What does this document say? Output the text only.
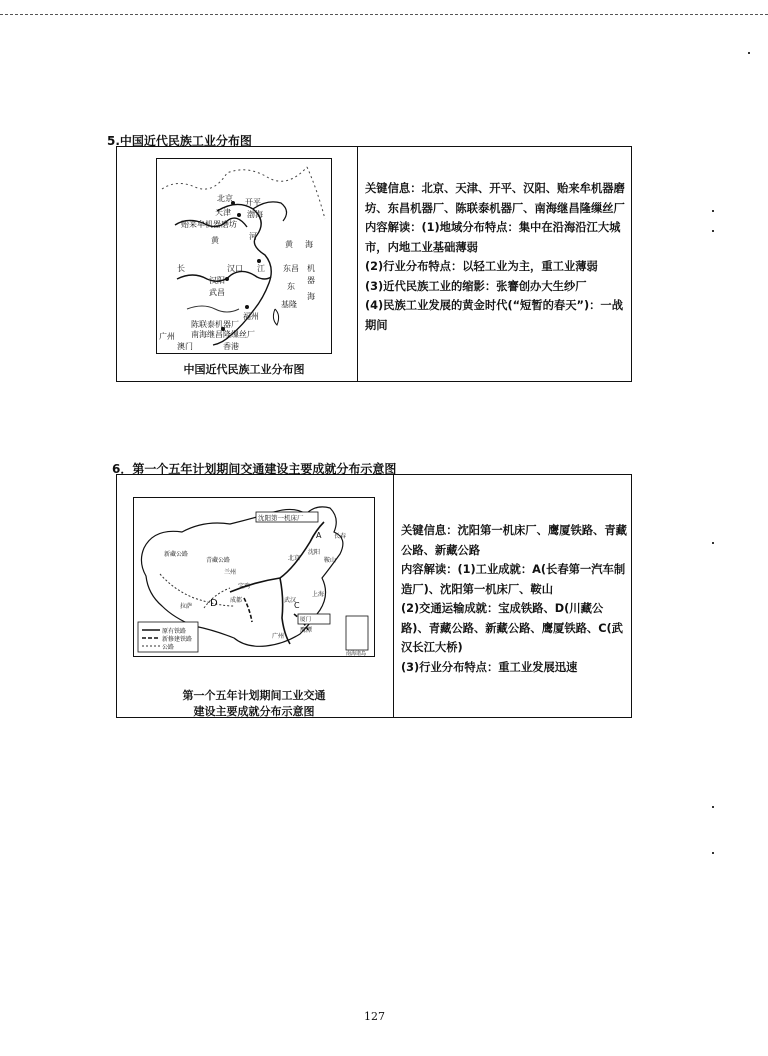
5.中国近代民族工业分布图
北京 开平
天津 渤海
贻来牟机器磨坊
黄	河
黄 海
汉口 江 东昌 机
器
长
汉阳
武昌
东
海
福州
基隆
陈联泰机器厂
南海继昌隆缫丝厂
澳门	香港
广州
中国近代民族工业分布图

关键信息：北京、天津、开平、汉阳、贻来牟机器磨坊、东昌机器厂、陈联泰机器厂、南海继昌隆缫丝厂

内容解读：(1)地域分布特点：集中在沿海沿江大城市，内地工业基础薄弱

(2)行业分布特点：以轻工业为主，重工业薄弱

(3)近代民族工业的缩影：张謇创办大生纱厂

(4)民族工业发展的黄金时代(“短暂的春天”)：一战期间

6．第一个五年计划期间交通建设主要成就分布示意图
原有铁路
新修建铁路
公路
沈阳第一机床厂
A 长春
北京
沈阳
鞍山
C
D
拉萨
宝鸡
成都	武汉
上海
广州
厦门
鹰潭
兰州
新藏公路
青藏公路
南海诸岛
第一个五年计划期间工业交通
建设主要成就分布示意图

关键信息：沈阳第一机床厂、鹰厦铁路、青藏公路、新藏公路

内容解读：(1)工业成就：A(长春第一汽车制造厂)、沈阳第一机床厂、鞍山

(2)交通运输成就：宝成铁路、D(川藏公路)、青藏公路、新藏公路、鹰厦铁路、C(武汉长江大桥)

(3)行业分布特点：重工业发展迅速

127
